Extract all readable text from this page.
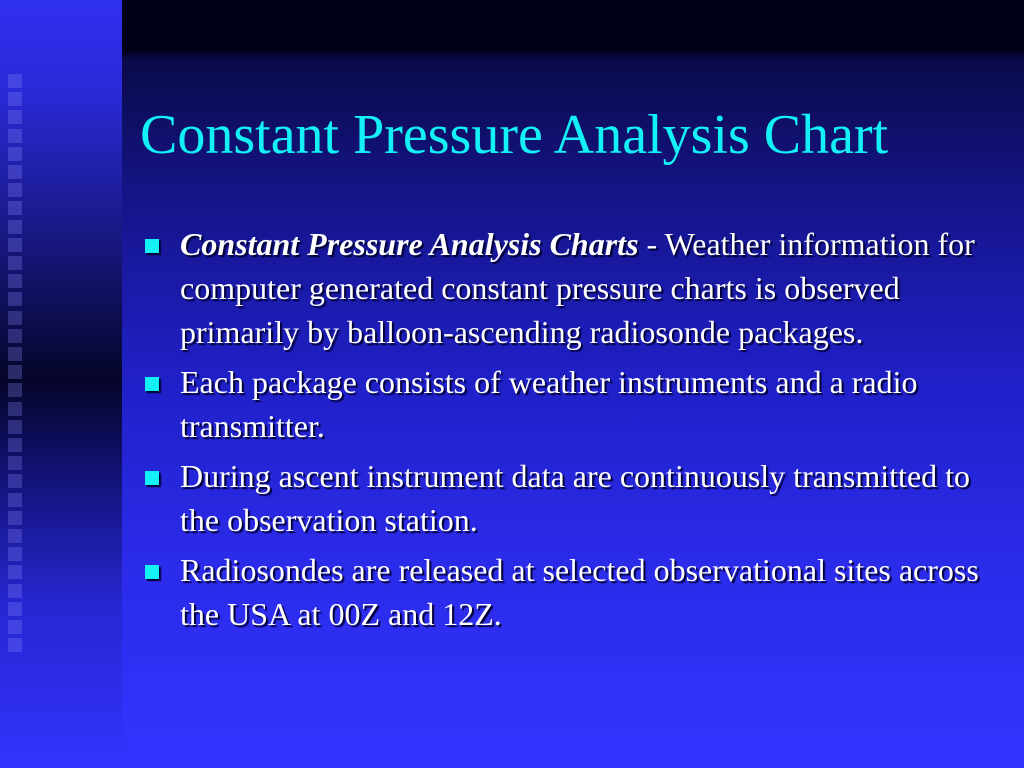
Constant Pressure Analysis Chart
Constant Pressure Analysis Charts - Weather information for computer generated constant pressure charts is observed primarily by balloon-ascending radiosonde packages.
Each package consists of weather instruments and a radio transmitter.
During ascent instrument data are continuously transmitted to the observation station.
Radiosondes are released at selected observational sites across the USA at 00Z and 12Z.
